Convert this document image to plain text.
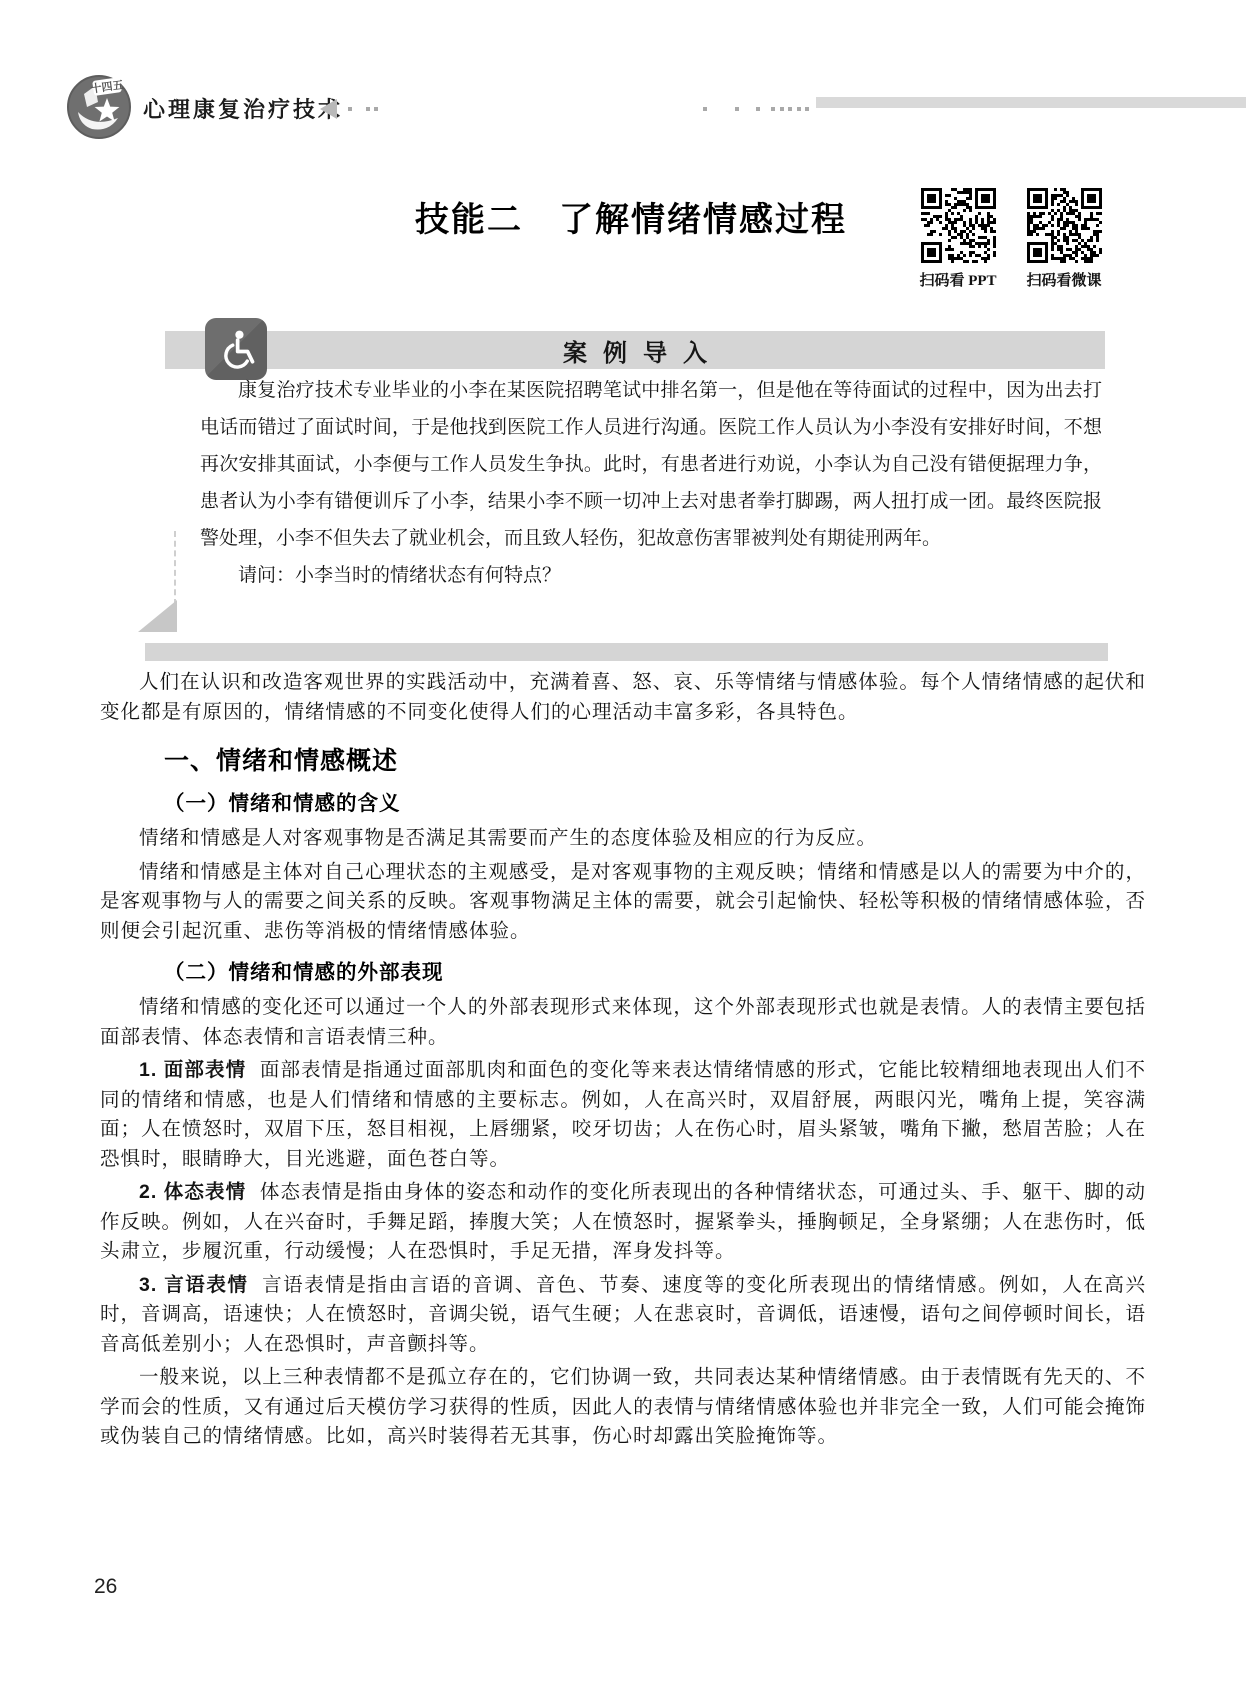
十四五
心理康复治疗技术
技能二　了解情绪情感过程
扫码看 PPT 扫码看微课
案例导入

康复治疗技术专业毕业的小李在某医院招聘笔试中排名第一，但是他在等待面试的过程中，因为出去打电话而错过了面试时间，于是他找到医院工作人员进行沟通。医院工作人员认为小李没有安排好时间，不想再次安排其面试，小李便与工作人员发生争执。此时，有患者进行劝说，小李认为自己没有错便据理力争，患者认为小李有错便训斥了小李，结果小李不顾一切冲上去对患者拳打脚踢，两人扭打成一团。最终医院报警处理，小李不但失去了就业机会，而且致人轻伤，犯故意伤害罪被判处有期徒刑两年。

请问：小李当时的情绪状态有何特点？

人们在认识和改造客观世界的实践活动中，充满着喜、怒、哀、乐等情绪与情感体验。每个人情绪情感的起伏和变化都是有原因的，情绪情感的不同变化使得人们的心理活动丰富多彩，各具特色。

一、情绪和情感概述
（一）情绪和情感的含义

情绪和情感是人对客观事物是否满足其需要而产生的态度体验及相应的行为反应。

情绪和情感是主体对自己心理状态的主观感受，是对客观事物的主观反映；情绪和情感是以人的需要为中介的，是客观事物与人的需要之间关系的反映。客观事物满足主体的需要，就会引起愉快、轻松等积极的情绪情感体验，否则便会引起沉重、悲伤等消极的情绪情感体验。

（二）情绪和情感的外部表现

情绪和情感的变化还可以通过一个人的外部表现形式来体现，这个外部表现形式也就是表情。人的表情主要包括面部表情、体态表情和言语表情三种。

1. 面部表情 面部表情是指通过面部肌肉和面色的变化等来表达情绪情感的形式，它能比较精细地表现出人们不同的情绪和情感，也是人们情绪和情感的主要标志。例如，人在高兴时，双眉舒展，两眼闪光，嘴角上提，笑容满面；人在愤怒时，双眉下压，怒目相视，上唇绷紧，咬牙切齿；人在伤心时，眉头紧皱，嘴角下撇，愁眉苦脸；人在恐惧时，眼睛睁大，目光逃避，面色苍白等。

2. 体态表情 体态表情是指由身体的姿态和动作的变化所表现出的各种情绪状态，可通过头、手、躯干、脚的动作反映。例如，人在兴奋时，手舞足蹈，捧腹大笑；人在愤怒时，握紧拳头，捶胸顿足，全身紧绷；人在悲伤时，低头肃立，步履沉重，行动缓慢；人在恐惧时，手足无措，浑身发抖等。

3. 言语表情 言语表情是指由言语的音调、音色、节奏、速度等的变化所表现出的情绪情感。例如，人在高兴时，音调高，语速快；人在愤怒时，音调尖锐，语气生硬；人在悲哀时，音调低，语速慢，语句之间停顿时间长，语音高低差别小；人在恐惧时，声音颤抖等。

一般来说，以上三种表情都不是孤立存在的，它们协调一致，共同表达某种情绪情感。由于表情既有先天的、不学而会的性质，又有通过后天模仿学习获得的性质，因此人的表情与情绪情感体验也并非完全一致，人们可能会掩饰或伪装自己的情绪情感。比如，高兴时装得若无其事，伤心时却露出笑脸掩饰等。

26
